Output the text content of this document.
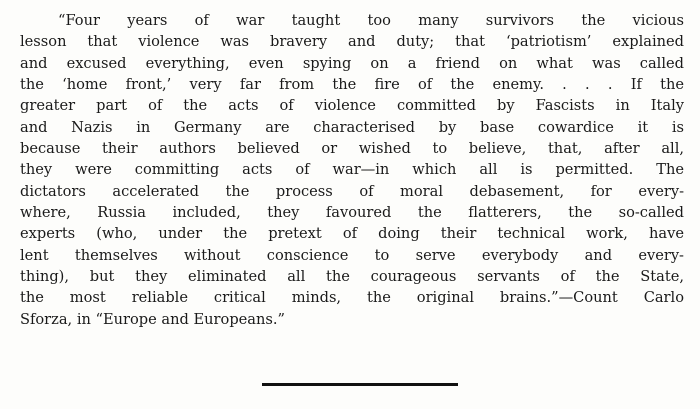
“Four years of war taught too many survivors the vicious
lesson that violence was bravery and duty; that ‘patriotism’ explained
and excused everything, even spying on a friend on what was called
the ‘home front,’ very far from the fire of the enemy. . . . If the
greater part of the acts of violence committed by Fascists in Italy
and Nazis in Germany are characterised by base cowardice it is
because their authors believed or wished to believe, that, after all,
they were committing acts of war—in which all is permitted. The
dictators accelerated the process of moral debasement, for every-
where, Russia included, they favoured the flatterers, the so-called
experts (who, under the pretext of doing their technical work, have
lent themselves without conscience to serve everybody and every-
thing), but they eliminated all the courageous servants of the State,
the most reliable critical minds, the original brains.”—Count Carlo
Sforza, in “Europe and Europeans.”
